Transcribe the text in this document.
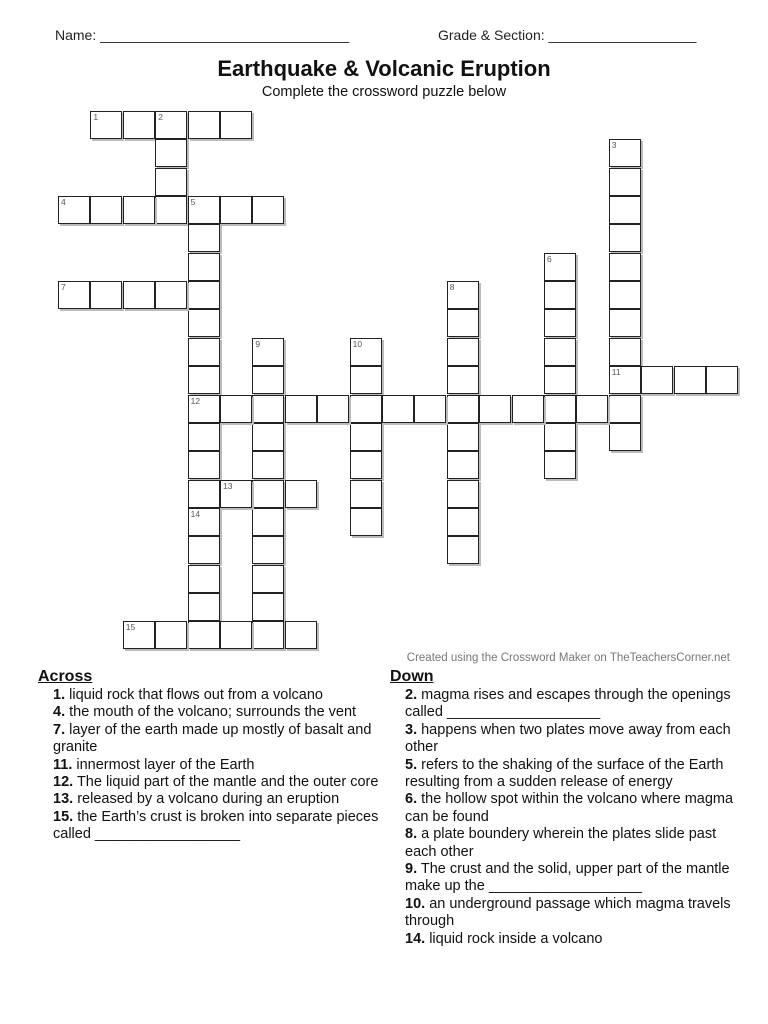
Name: ________________________________	Grade & Section: ___________________
Earthquake & Volcanic Eruption
Complete the crossword puzzle below
1	2
3
11
4	5
12
6
7	8
9	10
13
14
15
Created using the Crossword Maker on TheTeachersCorner.net
Across
1. liquid rock that flows out from a volcano
4. the mouth of the volcano; surrounds the vent
7. layer of the earth made up mostly of basalt and granite
11. innermost layer of the Earth
12. The liquid part of the mantle and the outer core
13. released by a volcano during an eruption
15. the Earth’s crust is broken into separate pieces called __________________
Down
2. magma rises and escapes through the openings called ___________________
3. happens when two plates move away from each other
5. refers to the shaking of the surface of the Earth resulting from a sudden release of energy
6. the hollow spot within the volcano where magma can be found
8. a plate boundery wherein the plates slide past each other
9. The crust and the solid, upper part of the mantle make up the ___________________
10. an underground passage which magma travels through
14. liquid rock inside a volcano
